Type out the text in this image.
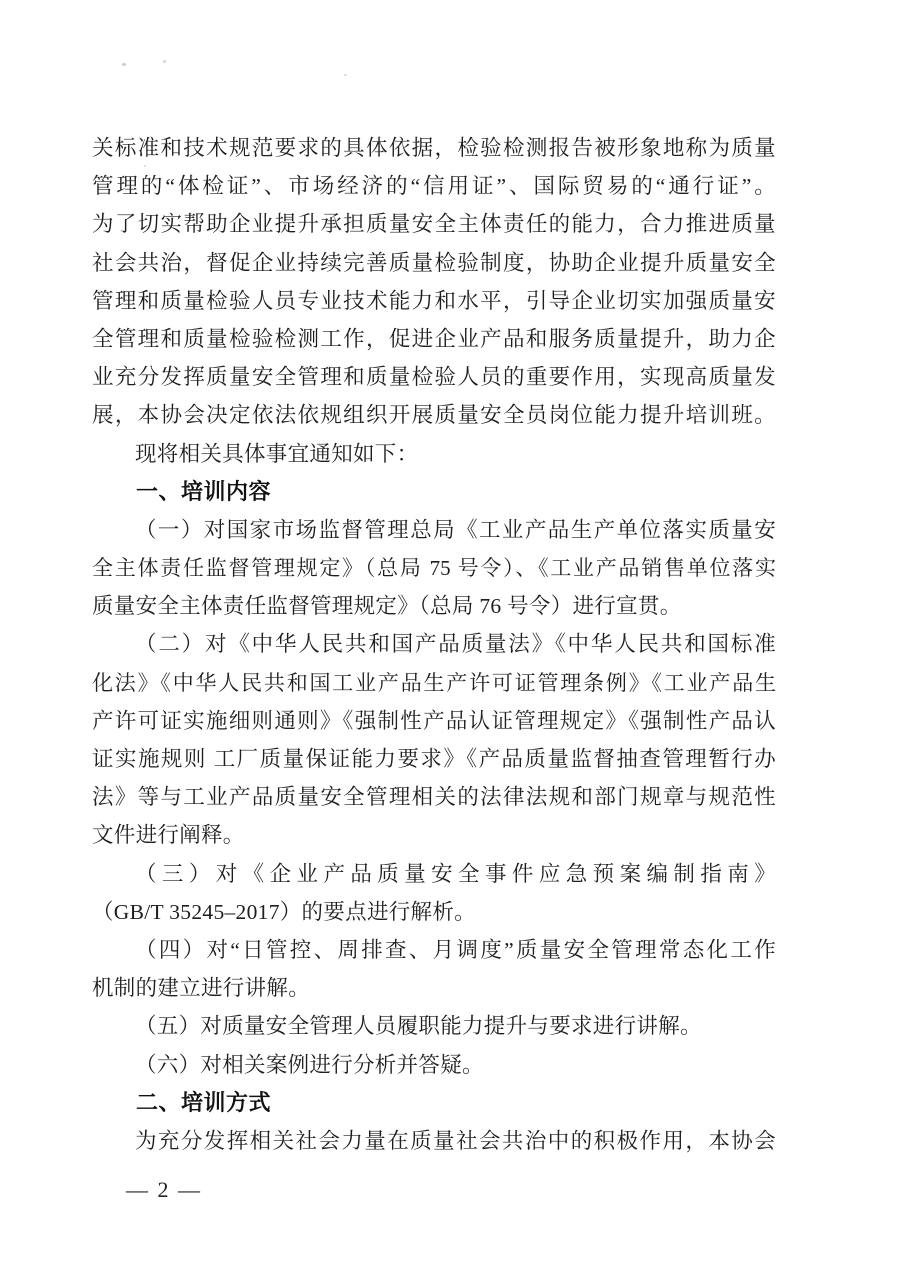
关标准和技术规范要求的具体依据，检验检测报告被形象地称为质量
管理的“体检证”、市场经济的“信用证”、国际贸易的“通行证”。
为了切实帮助企业提升承担质量安全主体责任的能力，合力推进质量
社会共治，督促企业持续完善质量检验制度，协助企业提升质量安全
管理和质量检验人员专业技术能力和水平，引导企业切实加强质量安
全管理和质量检验检测工作，促进企业产品和服务质量提升，助力企
业充分发挥质量安全管理和质量检验人员的重要作用，实现高质量发
展，本协会决定依法依规组织开展质量安全员岗位能力提升培训班。
现将相关具体事宜通知如下：
一、培训内容
（一）对国家市场监督管理总局《工业产品生产单位落实质量安
全主体责任监督管理规定》（总局 75 号令）、《工业产品销售单位落实
质量安全主体责任监督管理规定》（总局 76 号令）进行宣贯。
（二）对《中华人民共和国产品质量法》《中华人民共和国标准
化法》《中华人民共和国工业产品生产许可证管理条例》《工业产品生
产许可证实施细则通则》《强制性产品认证管理规定》《强制性产品认
证实施规则 工厂质量保证能力要求》《产品质量监督抽查管理暂行办
法》等与工业产品质量安全管理相关的法律法规和部门规章与规范性
文件进行阐释。
（三）对《企业产品质量安全事件应急预案编制指南》
（GB/T 35245–2017）的要点进行解析。
（四）对“日管控、周排查、月调度”质量安全管理常态化工作
机制的建立进行讲解。
（五）对质量安全管理人员履职能力提升与要求进行讲解。
（六）对相关案例进行分析并答疑。
二、培训方式
为充分发挥相关社会力量在质量社会共治中的积极作用，本协会
— 2 —
